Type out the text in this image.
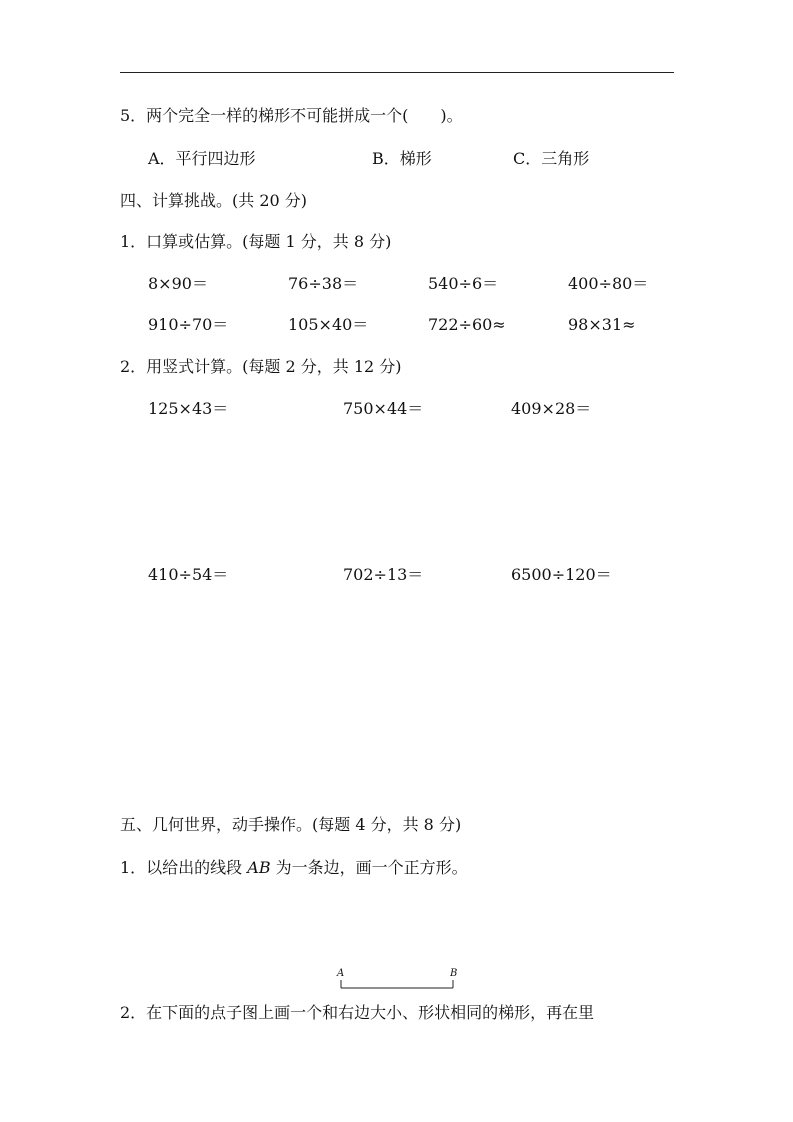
5．两个完全一样的梯形不可能拼成一个(　　)。
A．平行四边形	B．梯形	C．三角形
四、计算挑战。(共 20 分)
1．口算或估算。(每题 1 分，共 8 分)
8×90＝	76÷38＝	540÷6＝	400÷80＝
910÷70＝	105×40＝	722÷60≈	98×31≈
2．用竖式计算。(每题 2 分，共 12 分)
125×43＝	750×44＝	409×28＝
410÷54＝	702÷13＝	6500÷120＝
五、几何世界，动手操作。(每题 4 分，共 8 分)
1．以给出的线段 AB 为一条边，画一个正方形。
A	B
2．在下面的点子图上画一个和右边大小、形状相同的梯形，再在里
